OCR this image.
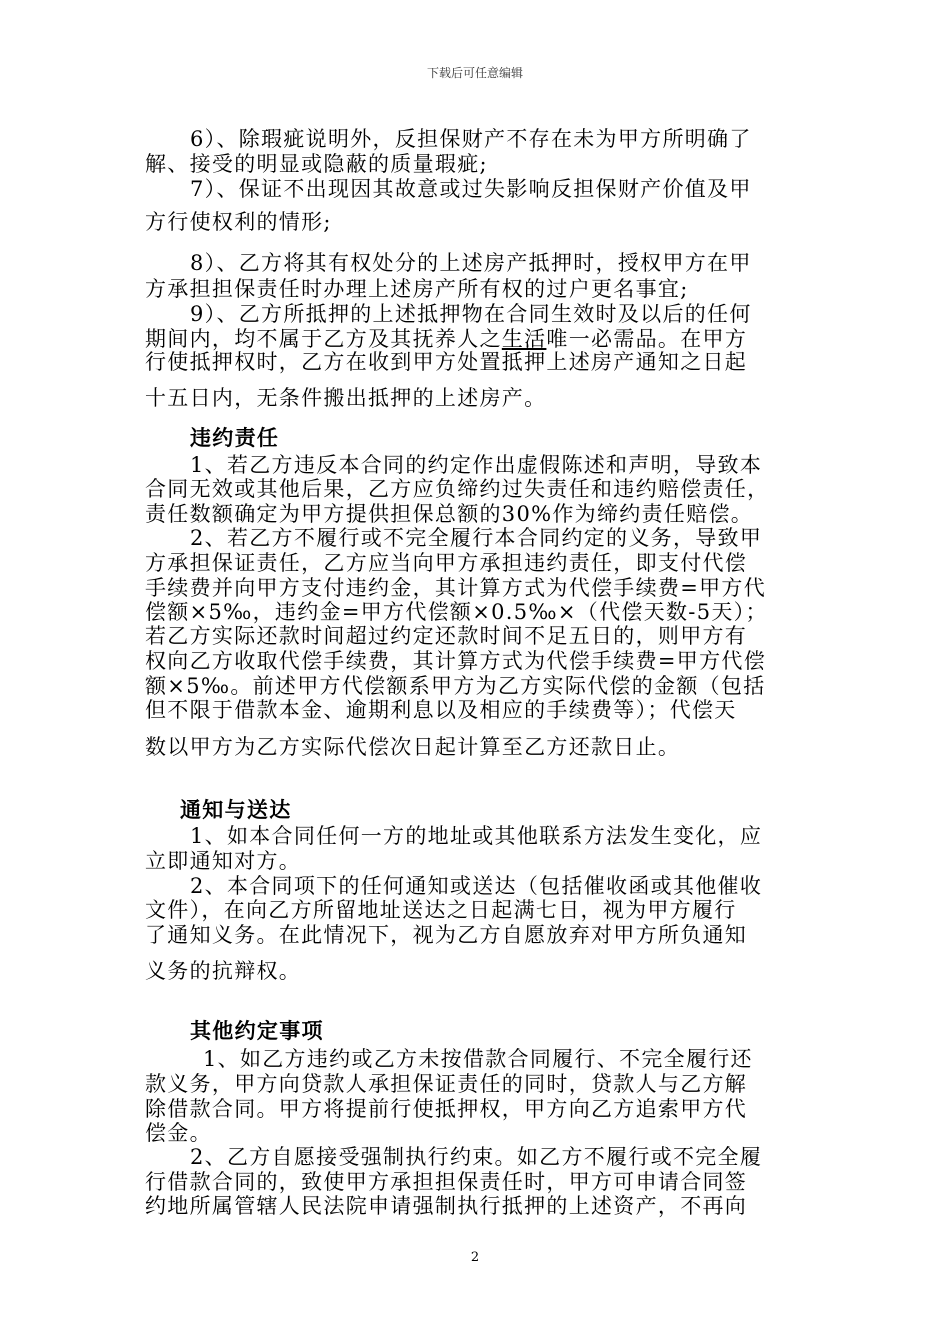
下载后可任意编辑
6）、除瑕疵说明外，反担保财产不存在未为甲方所明确了
解、接受的明显或隐蔽的质量瑕疵;
7）、保证不出现因其故意或过失影响反担保财产价值及甲
方行使权利的情形;
8）、乙方将其有权处分的上述房产抵押时，授权甲方在甲
方承担担保责任时办理上述房产所有权的过户更名事宜;
9）、乙方所抵押的上述抵押物在合同生效时及以后的任何
期间内，均不属于乙方及其抚养人之生活唯一必需品。在甲方
行使抵押权时，乙方在收到甲方处置抵押上述房产通知之日起
十五日内，无条件搬出抵押的上述房产。
违约责任
1、若乙方违反本合同的约定作出虚假陈述和声明，导致本
合同无效或其他后果，乙方应负缔约过失责任和违约赔偿责任，
责任数额确定为甲方提供担保总额的30%作为缔约责任赔偿。
2、若乙方不履行或不完全履行本合同约定的义务，导致甲
方承担保证责任，乙方应当向甲方承担违约责任，即支付代偿
手续费并向甲方支付违约金，其计算方式为代偿手续费=甲方代
偿额×5‰，违约金=甲方代偿额×0.5‰×（代偿天数-5天）；
若乙方实际还款时间超过约定还款时间不足五日的，则甲方有
权向乙方收取代偿手续费，其计算方式为代偿手续费=甲方代偿
额×5‰。前述甲方代偿额系甲方为乙方实际代偿的金额（包括
但不限于借款本金、逾期利息以及相应的手续费等）；代偿天
数以甲方为乙方实际代偿次日起计算至乙方还款日止。
通知与送达
1、如本合同任何一方的地址或其他联系方法发生变化，应
立即通知对方。
2、本合同项下的任何通知或送达（包括催收函或其他催收
文件），在向乙方所留地址送达之日起满七日，视为甲方履行
了通知义务。在此情况下，视为乙方自愿放弃对甲方所负通知
义务的抗辩权。
其他约定事项
1、如乙方违约或乙方未按借款合同履行、不完全履行还
款义务，甲方向贷款人承担保证责任的同时，贷款人与乙方解
除借款合同。甲方将提前行使抵押权，甲方向乙方追索甲方代
偿金。
2、乙方自愿接受强制执行约束。如乙方不履行或不完全履
行借款合同的，致使甲方承担担保责任时，甲方可申请合同签
约地所属管辖人民法院申请强制执行抵押的上述资产，不再向
2
